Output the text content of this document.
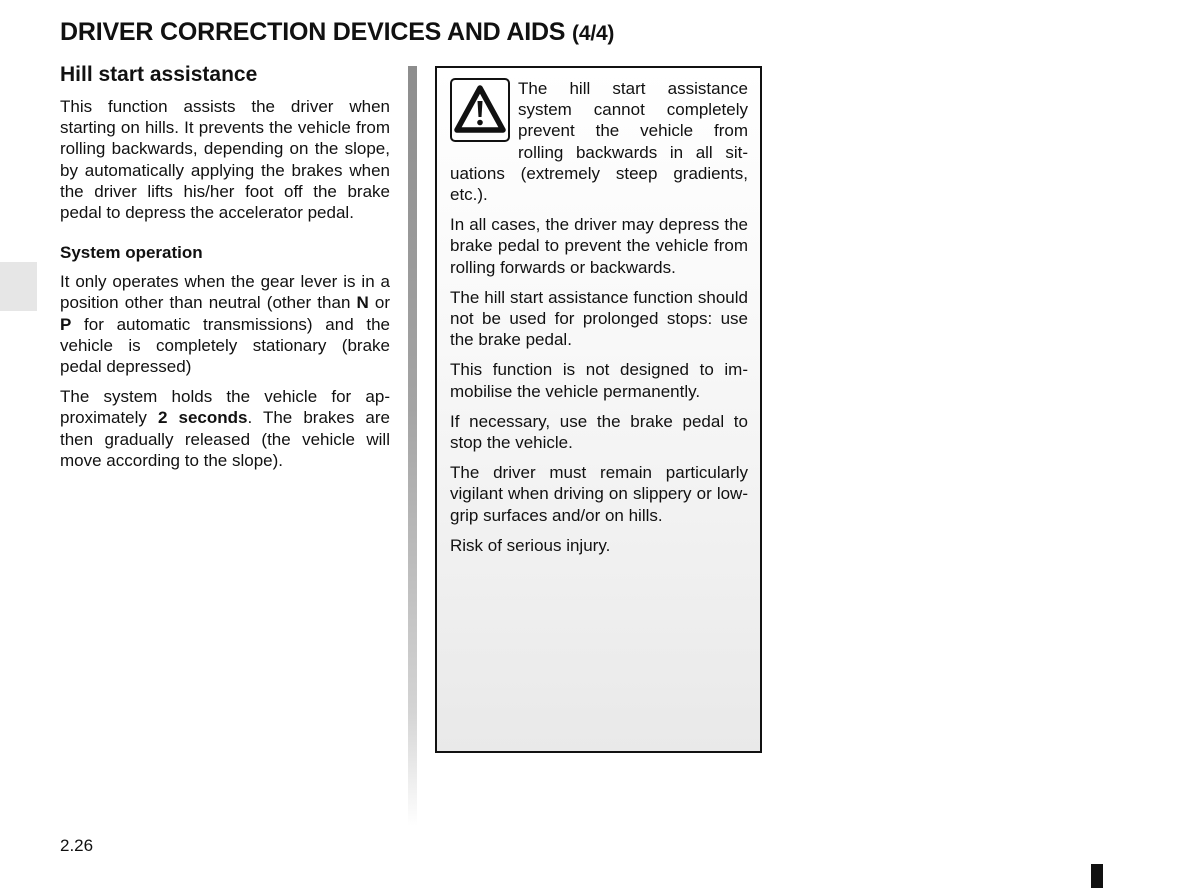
DRIVER CORRECTION DEVICES AND AIDS (4/4)
Hill start assistance

This function assists the driver when starting on hills. It prevents the vehicle from rolling backwards, depending on the slope, by automatically applying the brakes when the driver lifts his/her foot off the brake pedal to depress the accelerator pedal.

System operation

It only operates when the gear lever is in a position other than neutral (other than N or P for automatic transmissions) and the vehicle is completely stationary (brake pedal depressed)

The system holds the vehicle for approximately 2 seconds. The brakes are then gradually released (the vehicle will move according to the slope).

The hill start assistance system cannot completely prevent the vehicle from rolling backwards in all situations (extremely steep gradients, etc.).

In all cases, the driver may depress the brake pedal to prevent the vehicle from rolling forwards or backwards.

The hill start assistance function should not be used for prolonged stops: use the brake pedal.

This function is not designed to immobilise the vehicle permanently.

If necessary, use the brake pedal to stop the vehicle.

The driver must remain particularly vigilant when driving on slippery or low-grip surfaces and/or on hills.

Risk of serious injury.

2.26
